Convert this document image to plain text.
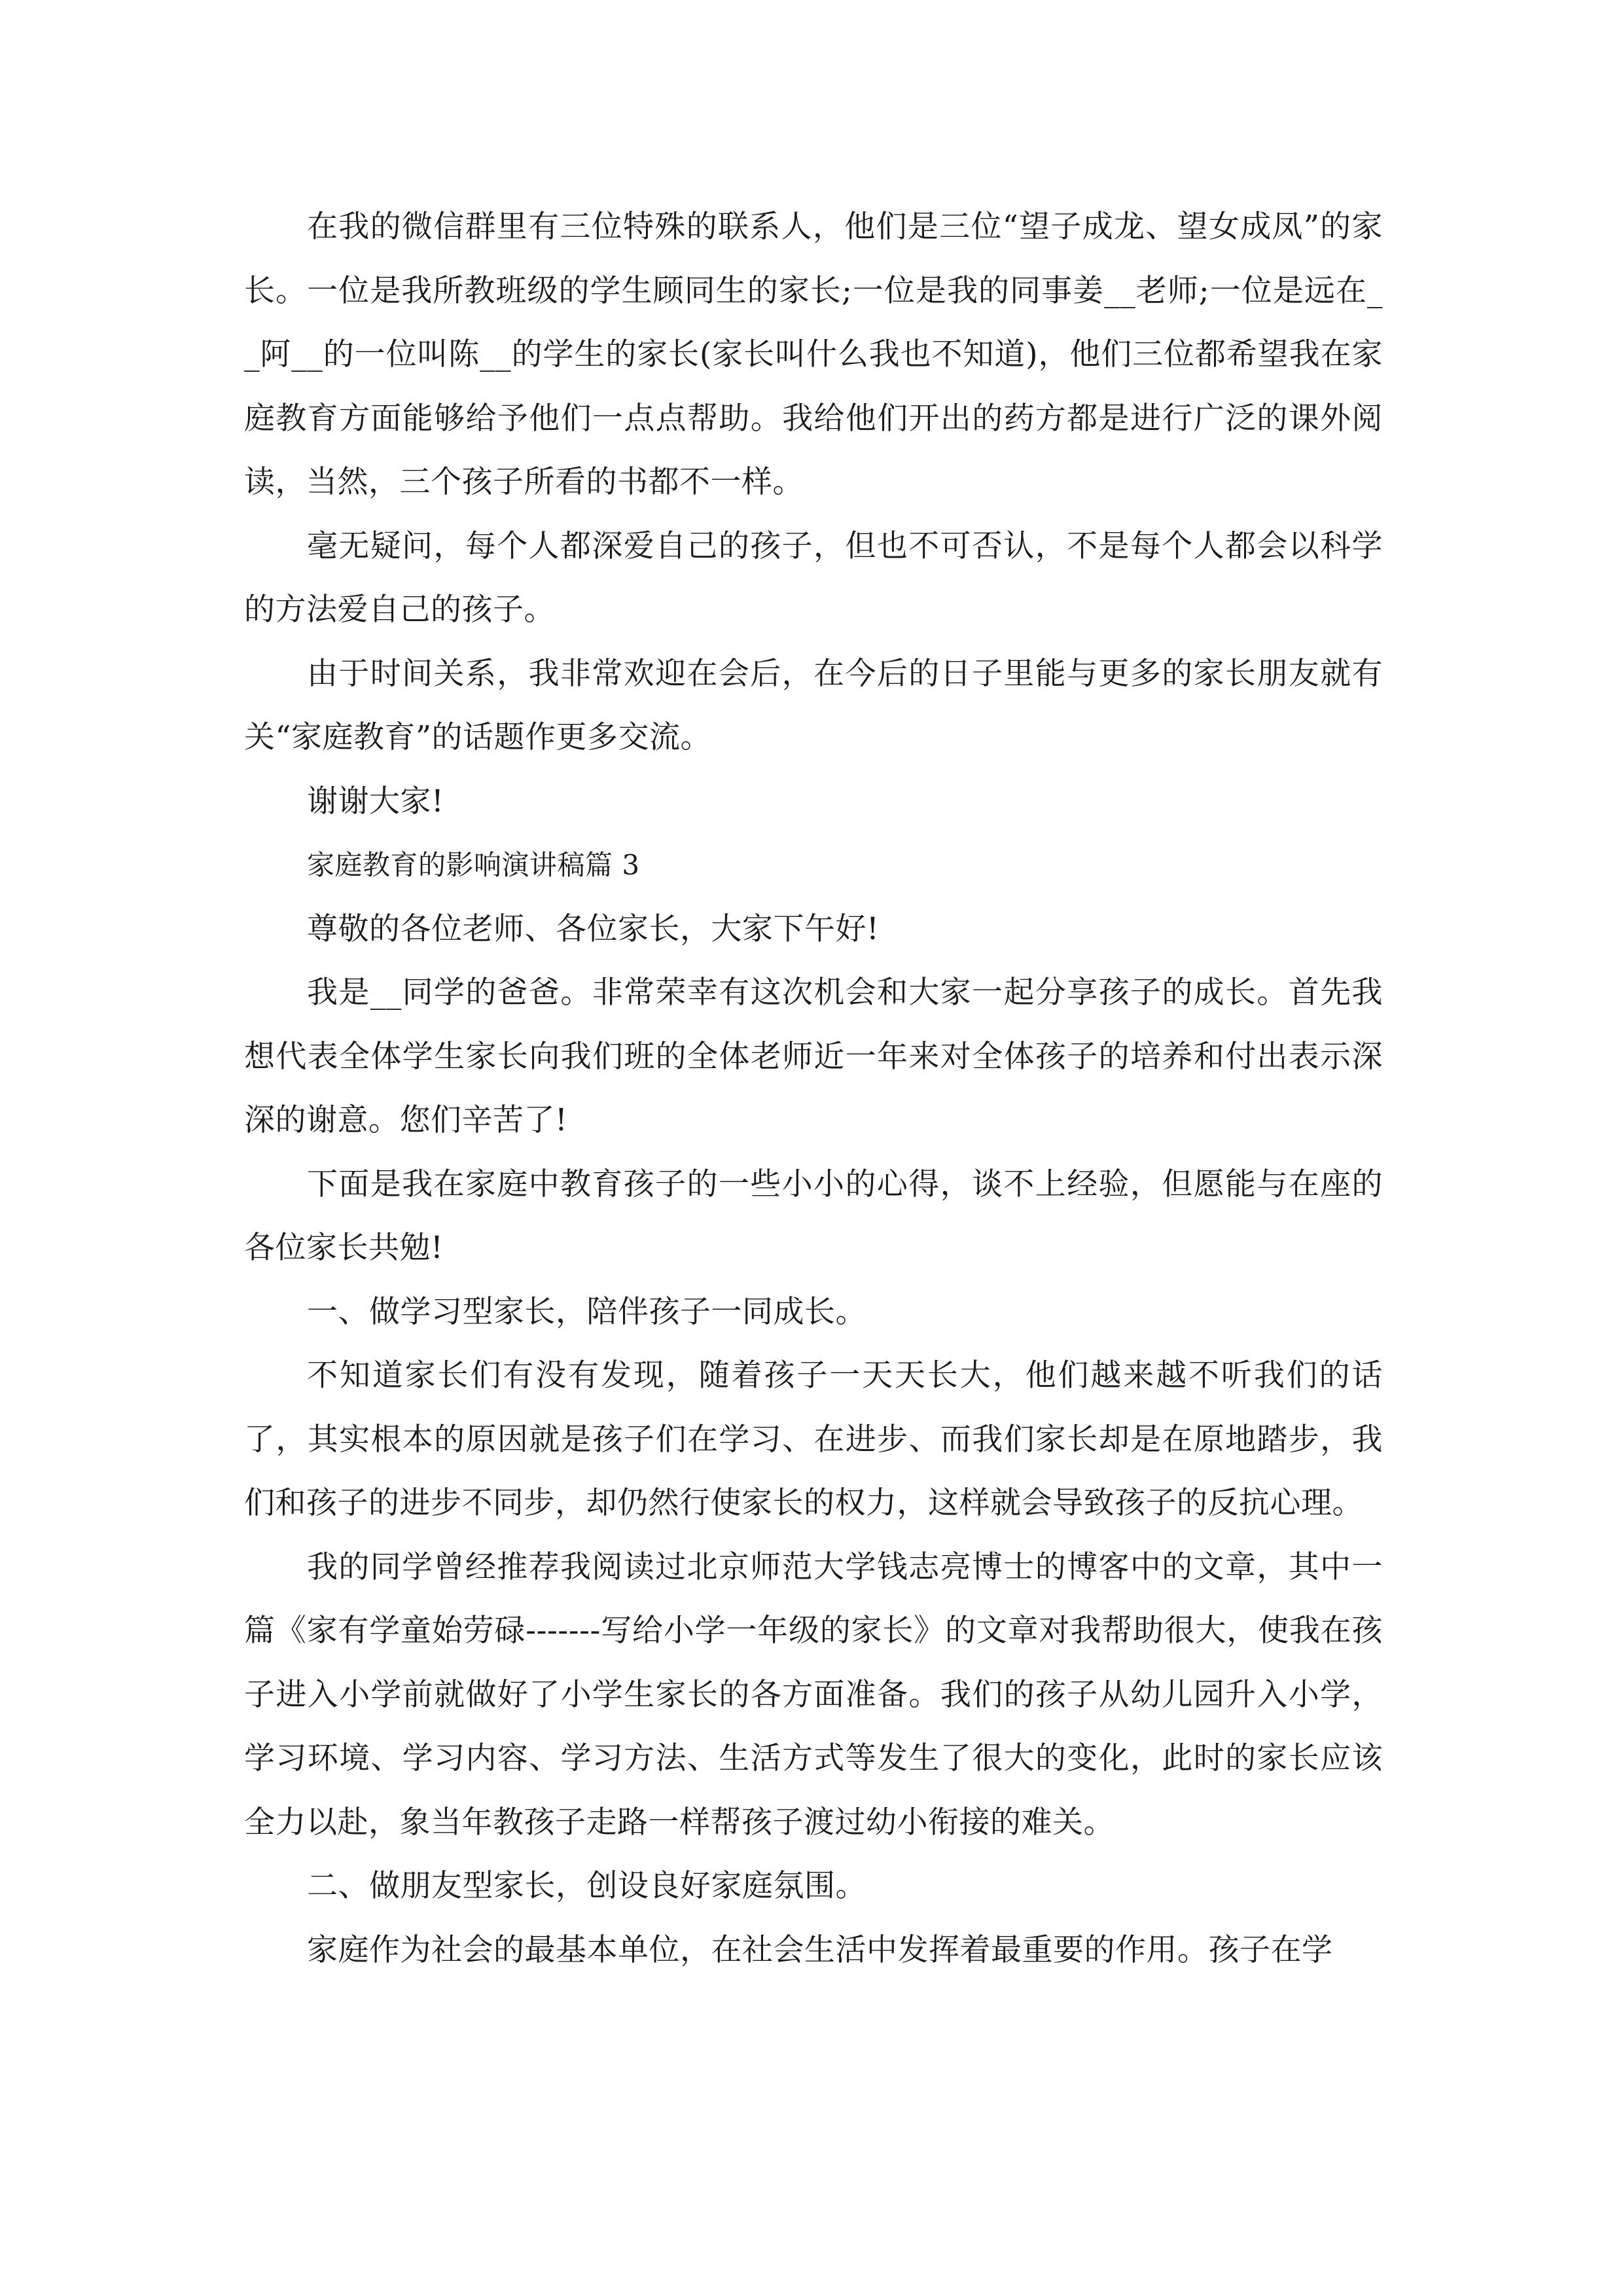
在我的微信群里有三位特殊的联系人，他们是三位“望子成龙、望女成凤”的家长。一位是我所教班级的学生顾同生的家长;一位是我的同事姜__老师;一位是远在__阿__的一位叫陈__的学生的家长(家长叫什么我也不知道)，他们三位都希望我在家庭教育方面能够给予他们一点点帮助。我给他们开出的药方都是进行广泛的课外阅读，当然，三个孩子所看的书都不一样。

毫无疑问，每个人都深爱自己的孩子，但也不可否认，不是每个人都会以科学的方法爱自己的孩子。

由于时间关系，我非常欢迎在会后，在今后的日子里能与更多的家长朋友就有关“家庭教育”的话题作更多交流。

谢谢大家!

家庭教育的影响演讲稿篇 3

尊敬的各位老师、各位家长，大家下午好!

我是__同学的爸爸。非常荣幸有这次机会和大家一起分享孩子的成长。首先我想代表全体学生家长向我们班的全体老师近一年来对全体孩子的培养和付出表示深深的谢意。您们辛苦了!

下面是我在家庭中教育孩子的一些小小的心得，谈不上经验，但愿能与在座的各位家长共勉!

一、做学习型家长，陪伴孩子一同成长。

不知道家长们有没有发现，随着孩子一天天长大，他们越来越不听我们的话了，其实根本的原因就是孩子们在学习、在进步、而我们家长却是在原地踏步，我们和孩子的进步不同步，却仍然行使家长的权力，这样就会导致孩子的反抗心理。

我的同学曾经推荐我阅读过北京师范大学钱志亮博士的博客中的文章，其中一篇《家有学童始劳碌-------写给小学一年级的家长》的文章对我帮助很大，使我在孩子进入小学前就做好了小学生家长的各方面准备。我们的孩子从幼儿园升入小学，学习环境、学习内容、学习方法、生活方式等发生了很大的变化，此时的家长应该全力以赴，象当年教孩子走路一样帮孩子渡过幼小衔接的难关。

二、做朋友型家长，创设良好家庭氛围。

家庭作为社会的最基本单位，在社会生活中发挥着最重要的作用。孩子在学
